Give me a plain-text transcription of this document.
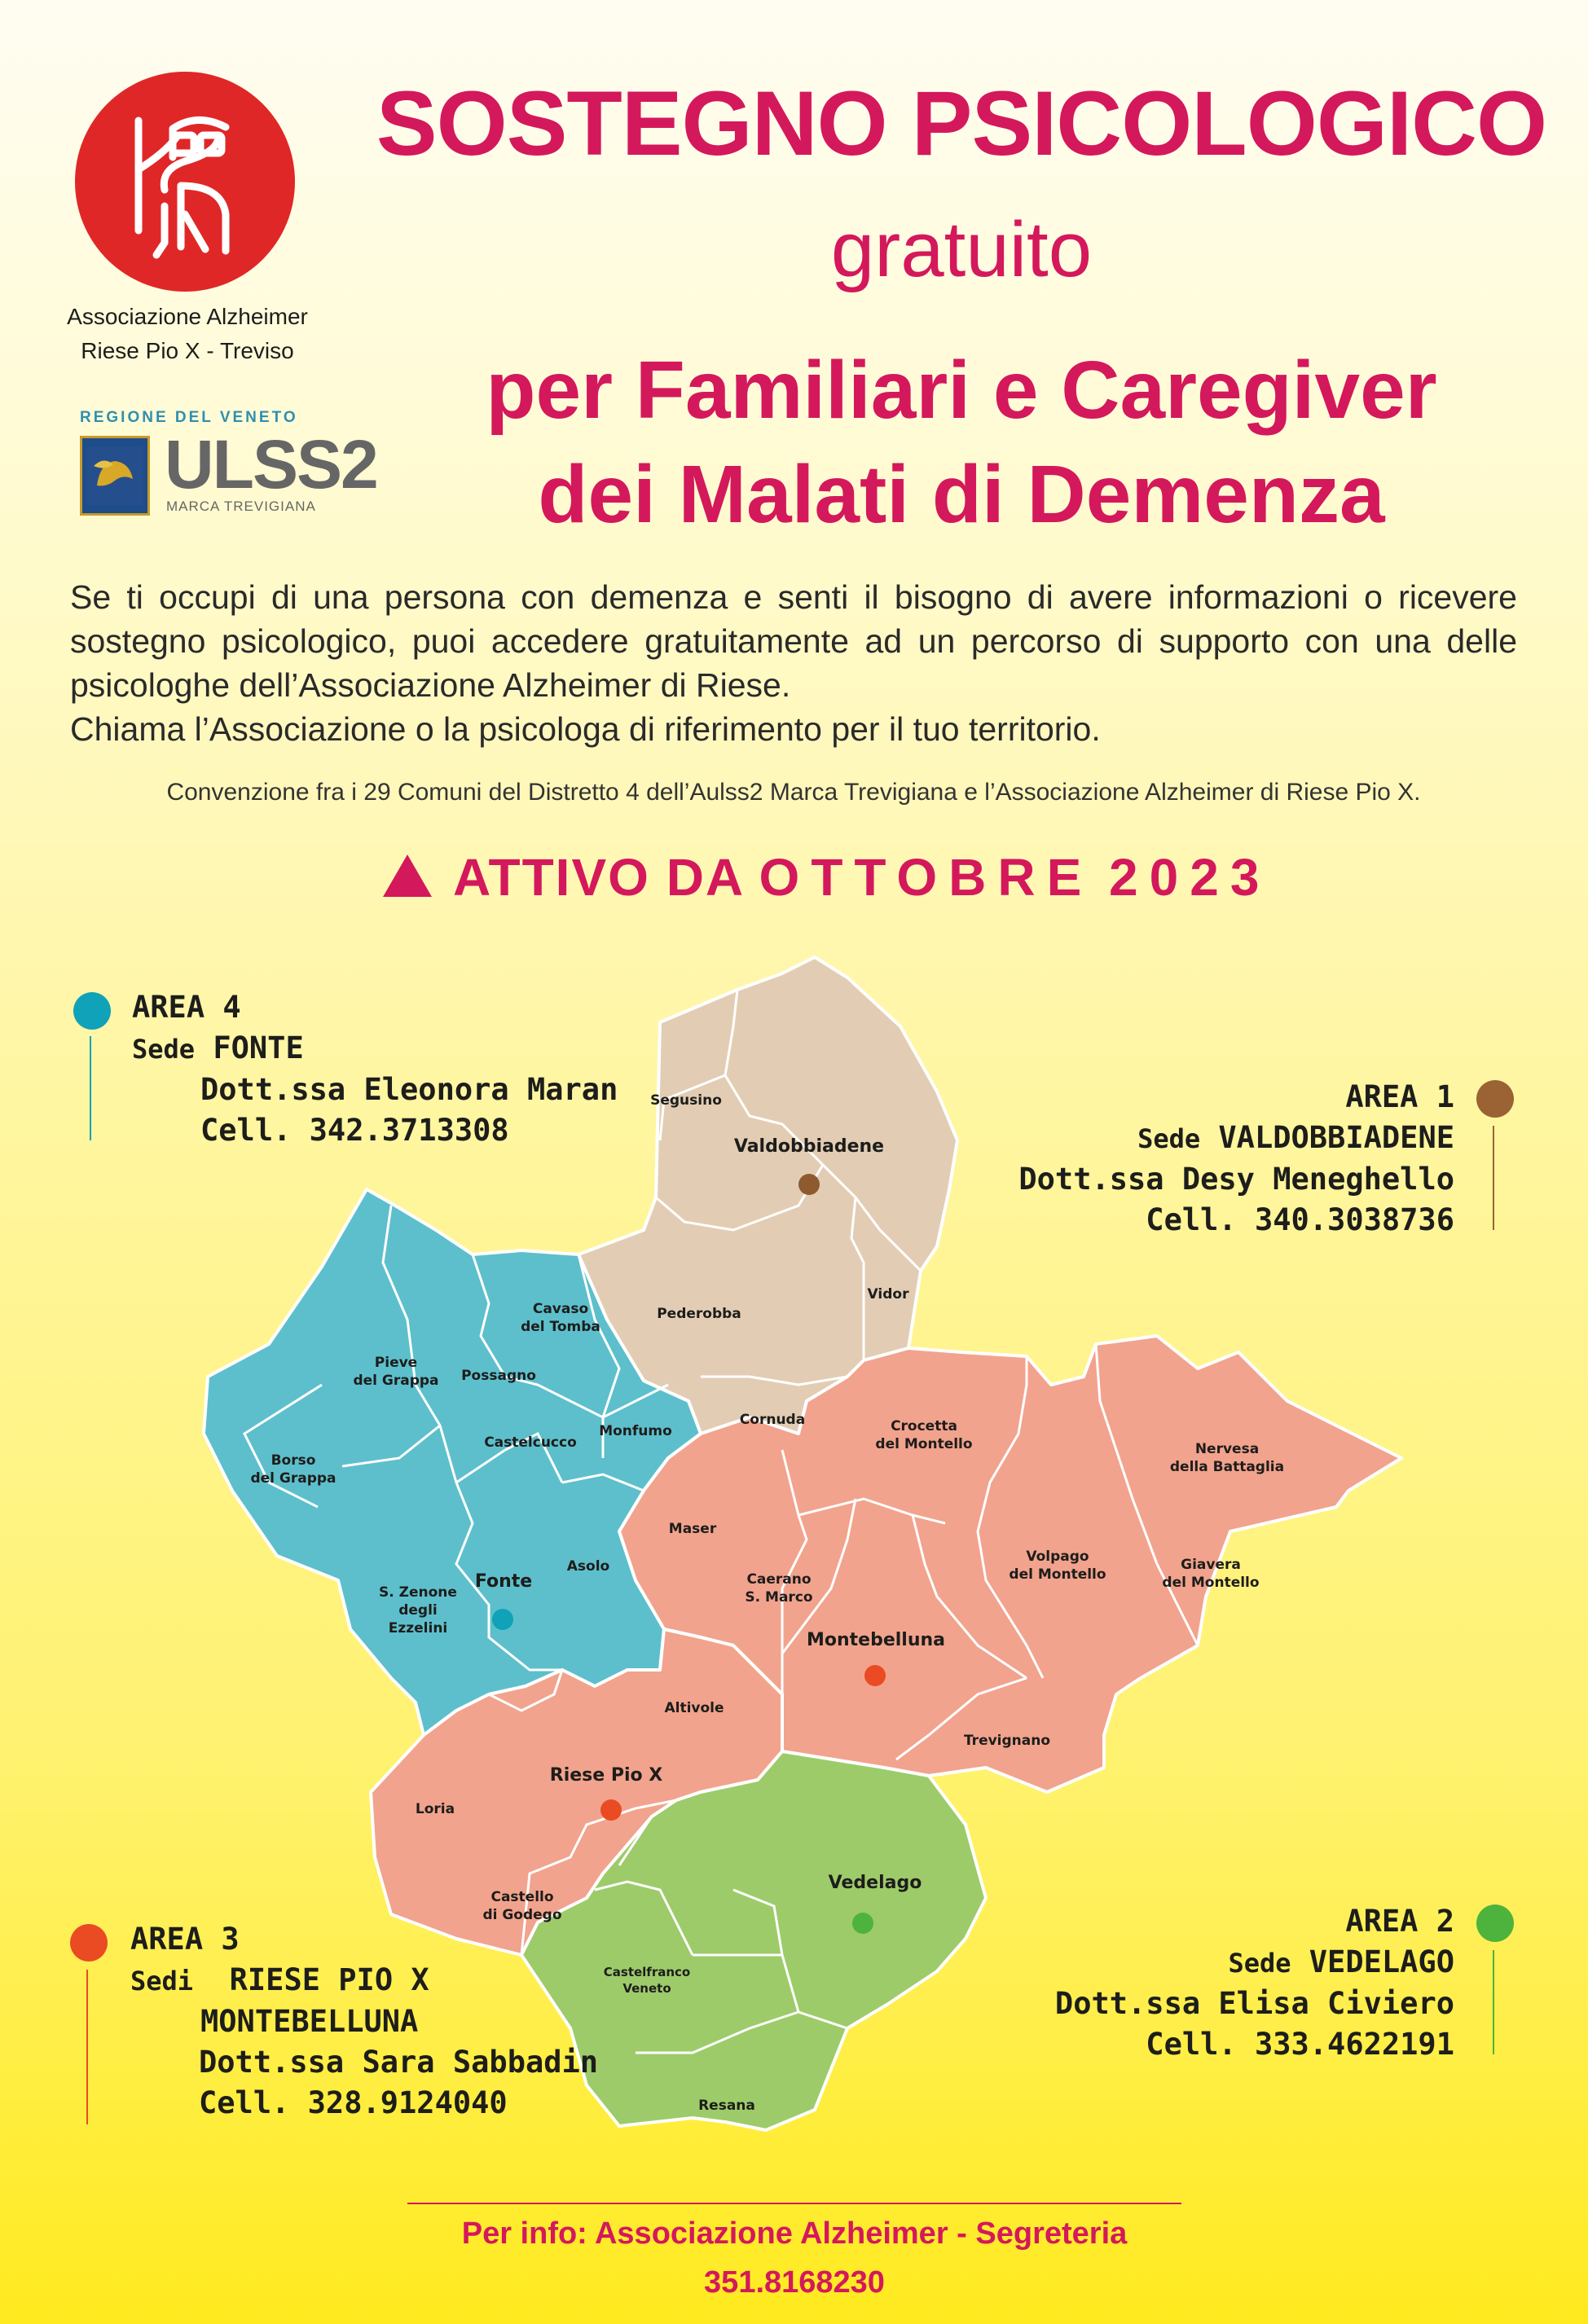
Associazione Alzheimer
Riese Pio X - Treviso
REGIONE DEL VENETO
ULSS2
MARCA TREVIGIANA
SOSTEGNO PSICOLOGICO
gratuito
per Familiari e Caregiver
dei Malati di Demenza

Se ti occupi di una persona con demenza e senti il bisogno di avere informazioni o ricevere sostegno psicologico, puoi accedere gratuitamente ad un percorso di supporto con una delle psicologhe dell’Associazione Alzheimer di Riese.

Chiama l’Associazione o la psicologa di riferimento per il tuo territorio.

Convenzione fra i 29 Comuni del Distretto 4 dell’Aulss2 Marca Trevigiana e l’Associazione Alzheimer di Riese Pio X.
ATTIVO DA OTTOBRE 2023
Segusino
Valdobbiadene
Vidor
Pederobba
Cavaso
del Tomba
Pieve
del Grappa Possagno
Castelcucco
Monfumo
Cornuda	Crocetta
del Montello	Nervesa
della Battaglia
Borso
del Grappa
Maser
Asolo
Fonte
S. Zenone
degli
Ezzelini
Caerano
S. Marco
Volpago
del Montello
Giavera
del Montello
Montebelluna
Altivole
Trevignano
Riese Pio X
Loria
Vedelago
Castello
di Godego
Castelfranco
Veneto
Resana
AREA 4
Sede FONTE
Dott.ssa Eleonora Maran
Cell. 342.3713308
AREA 1
Sede VALDOBBIADENE
Dott.ssa Desy Meneghello
Cell. 340.3038736
AREA 3
Sedi RIESE PIO X
MONTEBELLUNA
Dott.ssa Sara Sabbadin
Cell. 328.9124040
AREA 2
Sede VEDELAGO
Dott.ssa Elisa Civiero
Cell. 333.4622191
Per info: Associazione Alzheimer - Segreteria 351.8168230
